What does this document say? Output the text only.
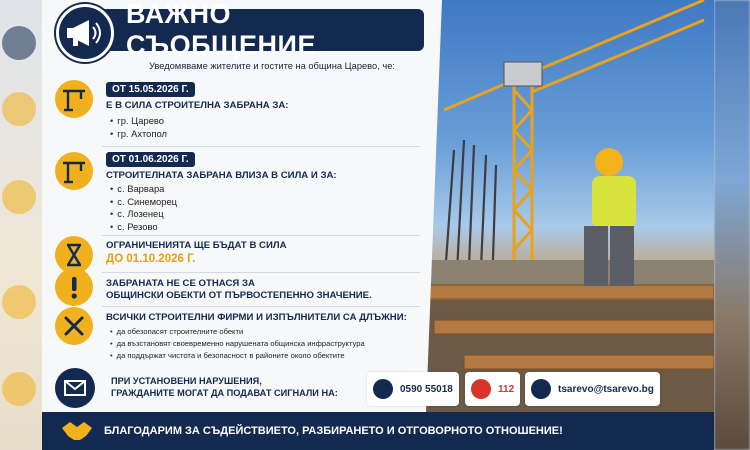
ВАЖНО СЪОБЩЕНИЕ
Уведомяваме жителите и гостите на община Царево, че:
ОТ 15.05.2026 Г.
Е В СИЛА СТРОИТЕЛНА ЗАБРАНА ЗА:
• гр. Царево
• гр. Ахтопол
ОТ 01.06.2026 Г.
СТРОИТЕЛНАТА ЗАБРАНА ВЛИЗА В СИЛА И ЗА:
• с. Варвара
• с. Синеморец
• с. Лозенец
• с. Резово
ОГРАНИЧЕНИЯТА ЩЕ БЪДАТ В СИЛА
ДО 01.10.2026 Г.
ЗАБРАНАТА НЕ СЕ ОТНАСЯ ЗА
ОБЩИНСКИ ОБЕКТИ ОТ ПЪРВОСТЕПЕННО ЗНАЧЕНИЕ.
ВСИЧКИ СТРОИТЕЛНИ ФИРМИ И ИЗПЪЛНИТЕЛИ СА ДЛЪЖНИ:
• да обезопасят строителните обекти
• да възстановят своевременно нарушената общинска инфраструктура
• да поддържат чистота и безопасност в районите около обектите
ПРИ УСТАНОВЕНИ НАРУШЕНИЯ,
ГРАЖДАНИТЕ МОГАТ ДА ПОДАВАТ СИГНАЛИ НА:	0590 55018	112	tsarevo@tsarevo.bg
БЛАГОДАРИМ ЗА СЪДЕЙСТВИЕТО, РАЗБИРАНЕТО И ОТГОВОРНОТО ОТНОШЕНИЕ!
